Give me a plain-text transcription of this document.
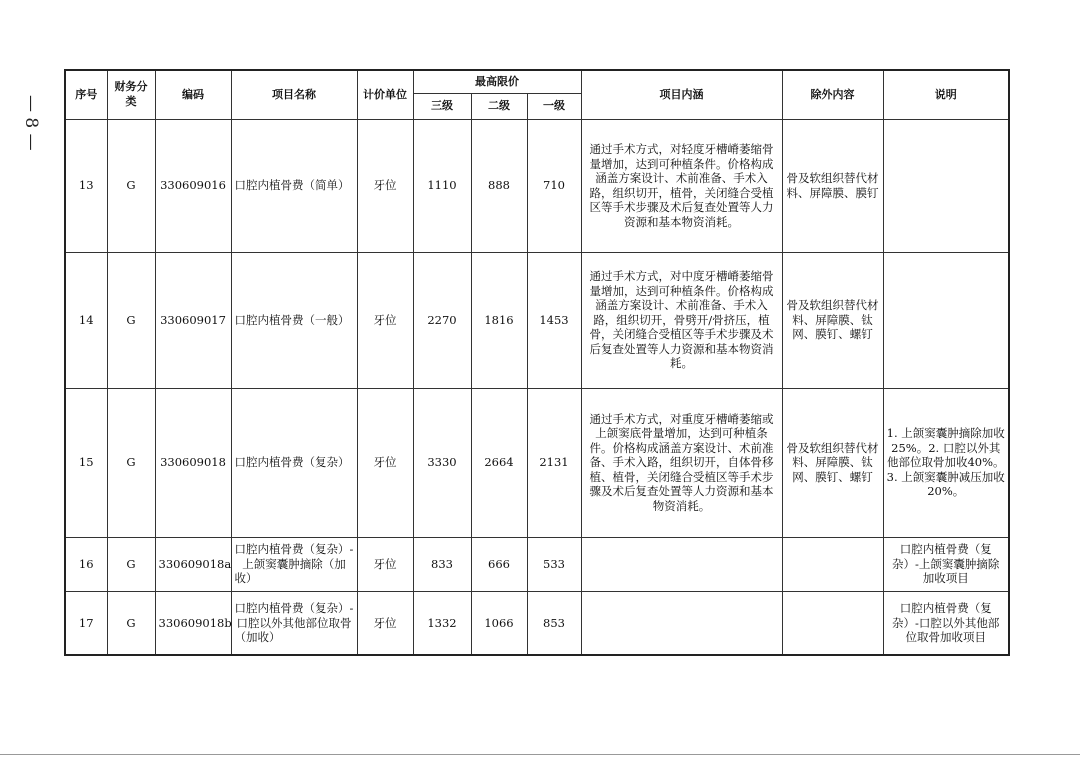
— 8 —
序号	财务分类	编码	项目名称	计价单位	最高限价			项目内涵	除外内容	说明
					三级	二级	一级			
13	G	330609016	口腔内植骨费（简单）	牙位	1110	888	710	通过手术方式，对轻度牙槽嵴萎缩骨量增加，达到可种植条件。价格构成涵盖方案设计、术前准备、手术入路，组织切开，植骨，关闭缝合受植区等手术步骤及术后复查处置等人力资源和基本物资消耗。	骨及软组织替代材料、屏障膜、膜钉	
14	G	330609017	口腔内植骨费（一般）	牙位	2270	1816	1453	通过手术方式，对中度牙槽嵴萎缩骨量增加，达到可种植条件。价格构成涵盖方案设计、术前准备、手术入路，组织切开，骨劈开/骨挤压，植骨，关闭缝合受植区等手术步骤及术后复查处置等人力资源和基本物资消耗。	骨及软组织替代材料、屏障膜、钛网、膜钉、螺钉	
15	G	330609018	口腔内植骨费（复杂）	牙位	3330	2664	2131	通过手术方式，对重度牙槽嵴萎缩或上颌窦底骨量增加，达到可种植条件。价格构成涵盖方案设计、术前准备、手术入路，组织切开，自体骨移植、植骨，关闭缝合受植区等手术步骤及术后复查处置等人力资源和基本物资消耗。	骨及软组织替代材料、屏障膜、钛网、膜钉、螺钉	1. 上颌窦囊肿摘除加收25%。2. 口腔以外其他部位取骨加收40%。3. 上颌窦囊肿减压加收20%。
16	G	330609018a	口腔内植骨费（复杂）-上颌窦囊肿摘除（加收）	牙位	833	666	533			口腔内植骨费（复杂）-上颌窦囊肿摘除加收项目
17	G	330609018b	口腔内植骨费（复杂）-口腔以外其他部位取骨（加收）	牙位	1332	1066	853			口腔内植骨费（复杂）-口腔以外其他部位取骨加收项目
